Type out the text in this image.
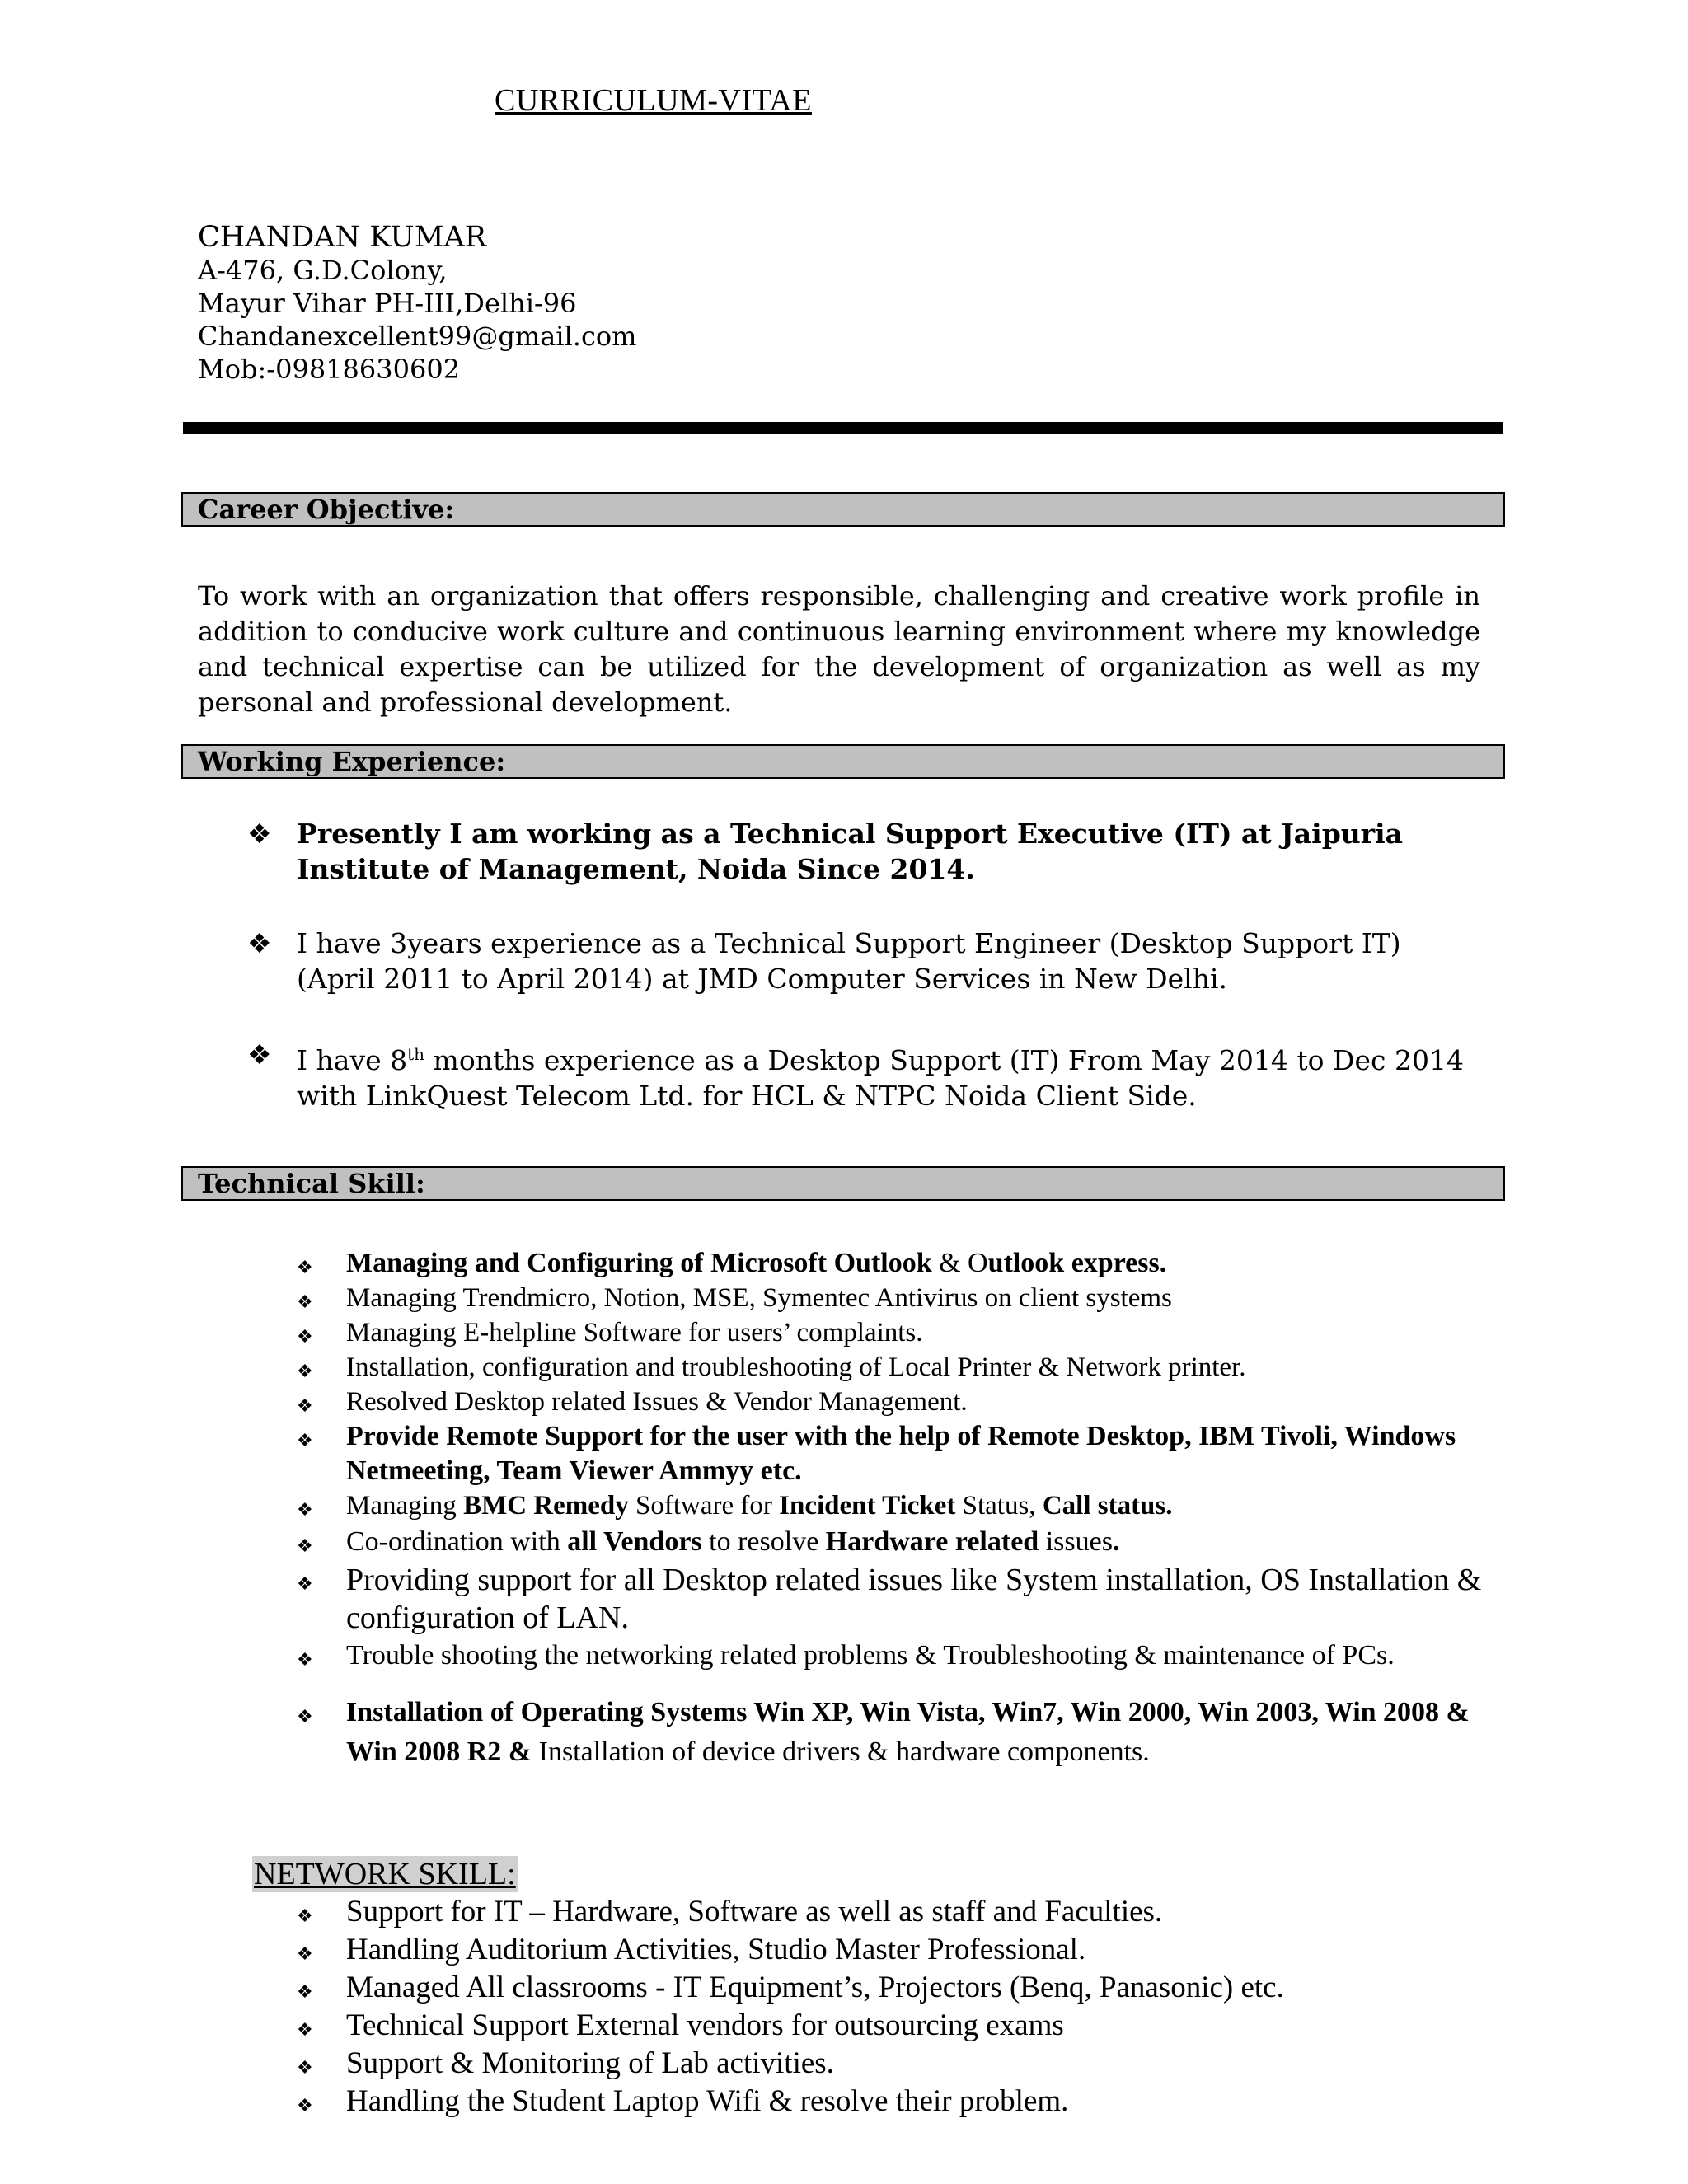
CURRICULUM-VITAE
CHANDAN KUMAR
A-476, G.D.Colony,
Mayur Vihar PH-III,Delhi-96
Chandanexcellent99@gmail.com
Mob:-09818630602
Career Objective:
To work with an organization that offers responsible, challenging and creative work profile in addition to conducive work culture and continuous learning environment where my knowledge and technical expertise can be utilized for the development of organization as well as my personal and professional development.
Working Experience:
❖ Presently I am working as a Technical Support Executive (IT) at Jaipuria Institute of Management, Noida Since 2014.
❖ I have 3years experience as a Technical Support Engineer (Desktop Support IT) (April 2011 to April 2014) at JMD Computer Services in New Delhi.
❖ I have 8th months experience as a Desktop Support (IT) From May 2014 to Dec 2014 with LinkQuest Telecom Ltd. for HCL & NTPC Noida Client Side.
Technical Skill:
❖ Managing and Configuring of Microsoft Outlook & Outlook express.
❖ Managing Trendmicro, Notion, MSE, Symentec Antivirus on client systems
❖ Managing E-helpline Software for users’ complaints.
❖ Installation, configuration and troubleshooting of Local Printer & Network printer.
❖ Resolved Desktop related Issues & Vendor Management.
❖ Provide Remote Support for the user with the help of Remote Desktop, IBM Tivoli, Windows Netmeeting, Team Viewer Ammyy etc.
❖ Managing BMC Remedy Software for Incident Ticket Status, Call status.
❖ Co-ordination with all Vendors to resolve Hardware related issues.
❖ Providing support for all Desktop related issues like System installation, OS Installation & configuration of LAN.
❖ Trouble shooting the networking related problems & Troubleshooting & maintenance of PCs.
❖ Installation of Operating Systems Win XP, Win Vista, Win7, Win 2000, Win 2003, Win 2008 & Win 2008 R2 & Installation of device drivers & hardware components.
NETWORK SKILL:
❖ Support for IT – Hardware, Software as well as staff and Faculties.
❖ Handling Auditorium Activities, Studio Master Professional.
❖ Managed All classrooms - IT Equipment’s, Projectors (Benq, Panasonic) etc.
❖ Technical Support External vendors for outsourcing exams
❖ Support & Monitoring of Lab activities.
❖ Handling the Student Laptop Wifi & resolve their problem.
